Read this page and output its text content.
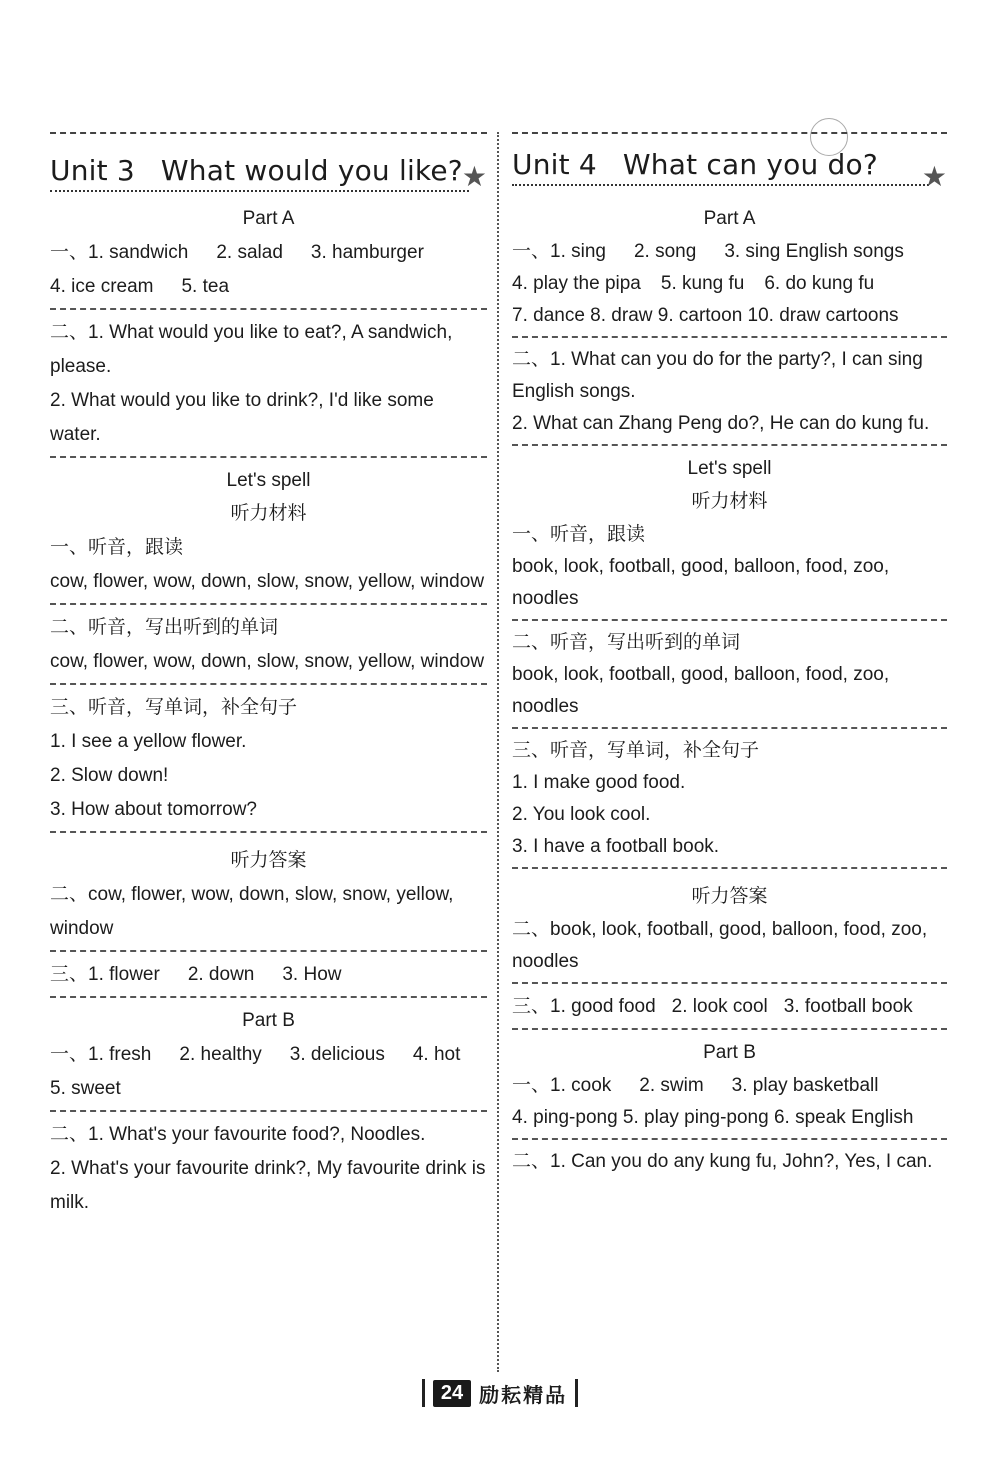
Unit 3 What would you like? ★
Part A
一、1. sandwich 2. salad 3. hamburger
4. ice cream 5. tea
二、1. What would you like to eat?, A sandwich, please.
2. What would you like to drink?, I'd like some water.
Let's spell
听力材料
一、听音，跟读
cow, flower, wow, down, slow, snow, yellow, window
二、听音，写出听到的单词
cow, flower, wow, down, slow, snow, yellow, window
三、听音，写单词，补全句子
1. I see a yellow flower.
2. Slow down!
3. How about tomorrow?
听力答案
二、cow, flower, wow, down, slow, snow, yellow, window
三、1. flower 2. down 3. How
Part B
一、1. fresh 2. healthy 3. delicious 4. hot
5. sweet
二、1. What's your favourite food?, Noodles.
2. What's your favourite drink?, My favourite drink is milk.
Unit 4 What can you do? ★
Part A
一、1. sing 2. song 3. sing English songs
4. play the pipa 5. kung fu 6. do kung fu
7. dance 8. draw 9. cartoon 10. draw cartoons
二、1. What can you do for the party?, I can sing English songs.
2. What can Zhang Peng do?, He can do kung fu.
Let's spell
听力材料
一、听音，跟读
book, look, football, good, balloon, food, zoo, noodles
二、听音，写出听到的单词
book, look, football, good, balloon, food, zoo, noodles
三、听音，写单词，补全句子
1. I make good food.
2. You look cool.
3. I have a football book.
听力答案
二、book, look, football, good, balloon, food, zoo, noodles
三、1. good food 2. look cool 3. football book
Part B
一、1. cook 2. swim 3. play basketball
4. ping-pong 5. play ping-pong 6. speak English
二、1. Can you do any kung fu, John?, Yes, I can.
24 励耘精品
